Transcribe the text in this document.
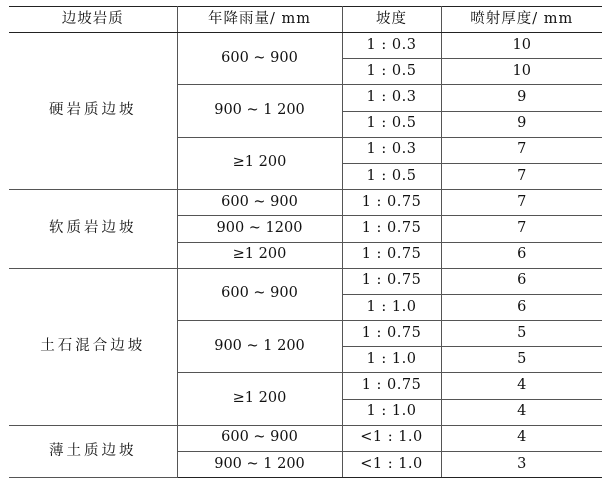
边坡岩质	年降雨量/ mm	坡度	喷射厚度/ mm
硬岩质边坡	600 ~ 900	1 : 0.3	10
		1 : 0.5	10
	900 ~ 1 200	1 : 0.3	9
		1 : 0.5	9
	≥1 200	1 : 0.3	7
		1 : 0.5	7
软质岩边坡	600 ~ 900	1 : 0.75	7
	900 ~ 1200	1 : 0.75	7
	≥1 200	1 : 0.75	6
土石混合边坡	600 ~ 900	1 : 0.75	6
		1 : 1.0	6
	900 ~ 1 200	1 : 0.75	5
		1 : 1.0	5
	≥1 200	1 : 0.75	4
		1 : 1.0	4
薄土质边坡	600 ~ 900	<1 : 1.0	4
	900 ~ 1 200	<1 : 1.0	3
